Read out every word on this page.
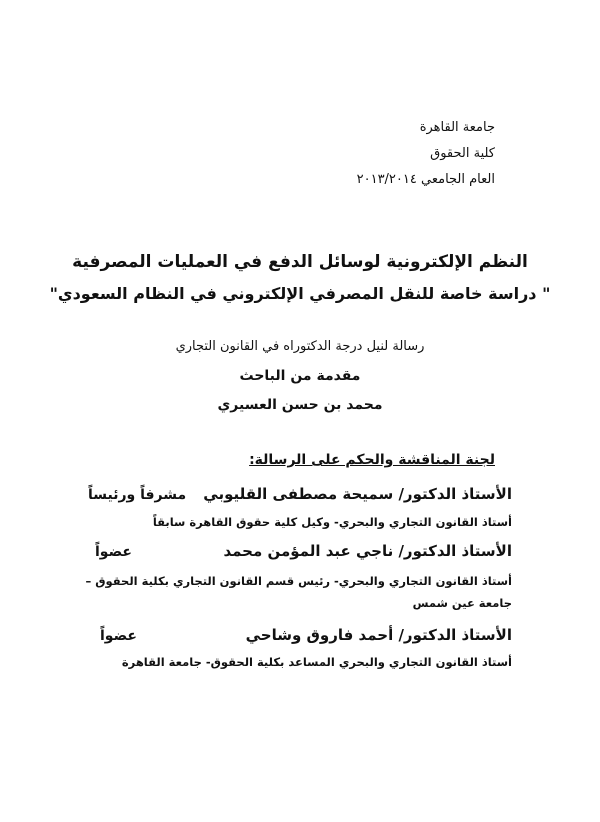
جامعة القاهرة
كلية الحقوق
العام الجامعي ٢٠١٣/٢٠١٤
النظم الإلكترونية لوسائل الدفع في العمليات المصرفية
" دراسة خاصة للنقل المصرفي الإلكتروني في النظام السعودي"
رسالة لنيل درجة الدكتوراه في القانون التجاري
مقدمة من الباحث
محمد بن حسن العسيري
لجنة المناقشة والحكم على الرسالة:
الأستاذ الدكتور/ سميحة مصطفى القليوبي
مشرفاً ورئيساً
أستاذ القانون التجاري والبحري- وكيل كلية حقوق القاهرة سابقاً
الأستاذ الدكتور/ ناجي عبد المؤمن محمد
عضواً
أستاذ القانون التجاري والبحري- رئيس قسم القانون التجاري بكلية الحقوق – جامعة عين شمس
الأستاذ الدكتور/ أحمد فاروق وشاحي
عضواً
أستاذ القانون التجاري والبحري المساعد بكلية الحقوق- جامعة القاهرة
